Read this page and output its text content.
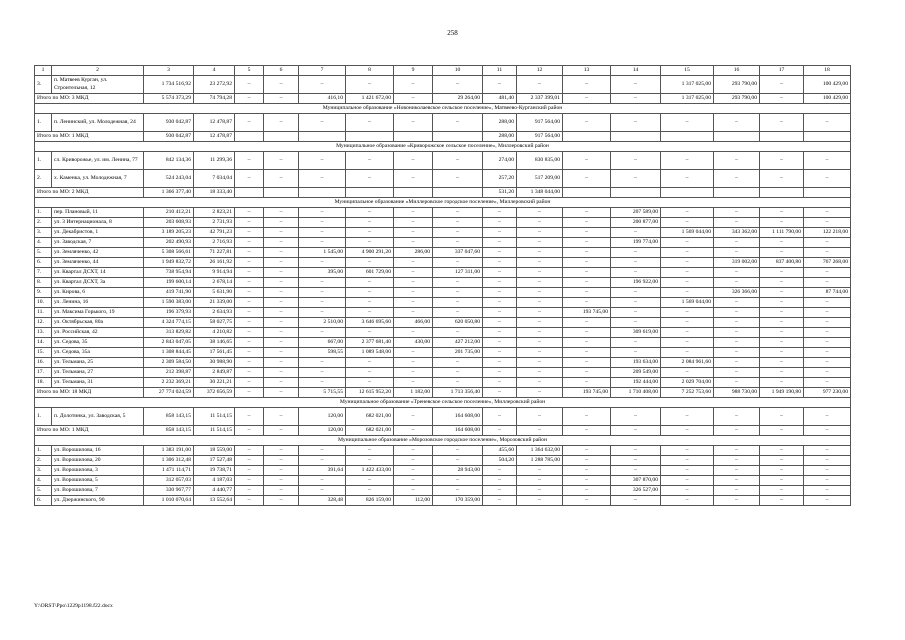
258
1	2	3	4	5	6	7	8	9	10	11	12	13	14	15	16	17	18
3.	п. Матвеев Курган, ул. Строительная, 12	1 734 516,92	23 272,92	–	–	–	–	–	–	–	–	–	–	1 317 025,00	293 790,00	–	100 429,00
Итого по МО: 3 МКД		5 574 373,29	74 794,28	–	–	416,10	1 421 672,00	–	29 264,00	481,40	2 337 399,01	–	–	1 317 025,00	293 790,00	–	100 429,00
Муниципальное образование «Новониколаевское сельское поселение», Матвеево-Курганский район																	
1.	п. Ленинский, ул. Молодежная, 24	930 042,87	12 478,87	–	–	–	–	–	–	288,00	917 564,00	–	–	–	–	–	–
Итого по МО: 1 МКД		930 042,87	12 478,87							288,00	917 564,00						
Муниципальное образование «Криворожское сельское поселение», Миллеровский район																	
1.	сл. Криворожье, ул. им. Ленина, 77	842 134,36	11 299,36	–	–	–	–	–	–	274,00	830 835,00	–	–	–	–	–	–
2.	х. Каменка, ул. Молодежная, 7	524 243,04	7 034,04	–	–	–	–	–	–	257,20	517 209,00	–	–	–	–	–	–
Итого по МО: 2 МКД		1 366 377,40	18 333,40							531,20	1 348 044,00						
Муниципальное образование «Миллеровское городское поселение», Миллеровский район																	
1.	пер. Плановый, 11	210 412,21	2 823,21	–	–	–	–	–	–	–	–	–	207 589,00	–	–	–	–
2.	ул. 3 Интернационала, 8	203 608,93	2 731,93	–	–	–	–	–	–	–	–	–	200 877,00	–	–	–	–
3.	ул. Декабристов, 1	3 189 205,23	42 791,23	–	–	–	–	–	–	–	–	–	–	1 569 044,00	343 362,00	1 111 790,00	122 218,00
4.	ул. Заводская, 7	202 490,93	2 716,93	–	–	–	–	–	–	–	–	–	199 774,00	–	–	–	–
5.	ул. Земляченко, 42	5 308 566,61	71 227,81	–	–	1 545,00	4 900 291,20	286,00	337 047,60	–	–	–	–	–	–	–	–
6.	ул. Земляченко, 44	1 949 832,72	26 161,92	–	–	–	–	–	–	–	–	–	–	–	319 002,00	837 400,80	767 268,00
7.	ул. Квартал ДСХТ, 14	738 954,94	9 914,94	–	–	395,00	601 729,00	–	127 311,00	–	–	–	–	–	–	–	–
8.	ул. Квартал ДСХТ, 3а	199 600,14	2 678,14	–	–	–	–	–	–	–	–	–	196 922,00	–	–	–	–
9.	ул. Кирова, 6	419 741,90	5 631,90	–	–	–	–	–	–	–	–	–	–	–	326 366,00	–	87 744,00
10.	ул. Ленина, 16	1 590 383,00	21 339,00	–	–	–	–	–	–	–	–	–	–	1 569 044,00	–	–	–
11.	ул. Максима Горького, 19	196 379,93	2 634,93	–	–	–	–	–	–	–	–	193 745,00	–	–	–	–	–
12.	ул. Октябрьская, 80а	4 324 774,15	58 027,75	–	–	2 510,00	3 646 695,60	466,00	620 050,80	–	–	–	–	–	–	–	–
13.	ул. Российская, 42	313 829,82	4 210,82	–	–	–	–	–	–	–	–	–	309 619,00	–	–	–	–
14.	ул. Седова, 35	2 843 047,05	38 146,65	–	–	667,00	2 377 681,40	430,00	427 212,00	–	–	–	–	–	–	–	–
15.	ул. Седова, 35а	1 308 844,45	17 561,45	–	–	598,55	1 089 548,00	–	201 735,00	–	–	–	–	–	–	–	–
16.	ул. Тельмана, 25	2 309 584,50	30 988,90	–	–	–	–	–	–	–	–	–	193 634,00	2 084 961,60	–	–	–
17.	ул. Тельмана, 27	212 398,87	2 849,87	–	–	–	–	–	–	–	–	–	209 549,00	–	–	–	–
18.	ул. Тельмана, 31	2 232 369,21	30 221,21	–	–	–	–	–	–	–	–	–	192 444,00	2 029 704,00	–	–	–
Итого по МО: 18 МКД		27 774 024,59	372 656,59	–	–	5 715,55	12 615 952,20	1 182,00	1 713 356,40	–	–	193 745,00	1 710 408,00	7 252 753,60	988 730,00	1 949 190,80	977 230,00
Муниципальное образование «Треневское сельское поселение», Миллеровский район																	
1.	п. Долотинка, ул. Заводская, 5	858 143,15	11 514,15	–	–	120,00	682 021,00	–	164 608,00	–	–	–	–	–	–	–	–
Итого по МО: 1 МКД		858 143,15	11 514,15	–	–	120,00	682 021,00	–	164 608,00	–	–	–	–	–	–	–	–
Муниципальное образование «Морозовское городское поселение», Морозовский район																	
1.	ул. Ворошилова, 16	1 383 191,00	18 559,00	–	–	–	–	–	–	455,60	1 364 632,00	–	–	–	–	–	–
2.	ул. Ворошилова, 20	1 306 312,48	17 527,48	–	–	–	–	–	–	504,20	1 288 785,00	–	–	–	–	–	–
3.	ул. Ворошилова, 3	1 471 114,71	19 738,71	–	–	391,64	1 422 433,00	–	28 943,00	–	–	–	–	–	–	–	–
4.	ул. Ворошилова, 5	312 057,03	4 187,03	–	–	–	–	–	–	–	–	–	307 870,00	–	–	–	–
5.	ул. Ворошилова, 7	330 967,77	4 440,77	–	–	–	–	–	–	–	–	–	326 527,00	–	–	–	–
6.	ул. Дзержинского, 90	1 010 070,64	13 552,64	–	–	328,48	826 159,00	112,00	170 359,00	–	–	–	–	–	–	–	–
Y:\ORST\Ppo\1229p1198.f22.docx
